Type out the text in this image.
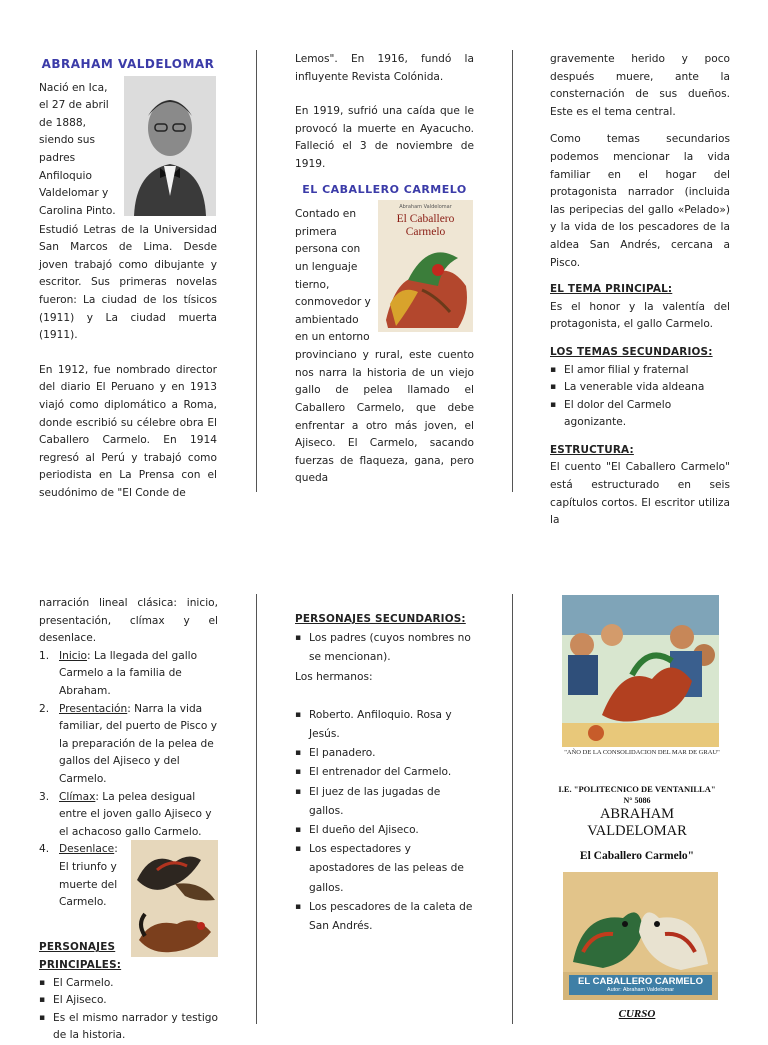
ABRAHAM VALDELOMAR
Nació en Ica,
el 27 de abril
de 1888,
siendo sus
padres
Anfiloquio
Valdelomar y
Carolina Pinto.

Estudió Letras de la Universidad San Marcos de Lima. Desde joven trabajó como dibujante y escritor. Sus primeras novelas fueron: La ciudad de los tísicos (1911) y La ciudad muerta (1911).

En 1912, fue nombrado director del diario El Peruano y en 1913 viajó como diplomático a Roma, donde escribió su célebre obra El Caballero Carmelo. En 1914 regresó al Perú y trabajó como periodista en La Prensa con el seudónimo de "El Conde de

Lemos". En 1916, fundó la influyente Revista Colónida.

En 1919, sufrió una caída que le provocó la muerte en Ayacucho. Falleció el 3 de noviembre de 1919.

EL CABALLERO CARMELO
Contado en
primera
persona con
un lenguaje
tierno,
conmovedor y
ambientado
en un entorno
Abraham Valdelomar
El Caballero
Carmelo

provinciano y rural, este cuento nos narra la historia de un viejo gallo de pelea llamado el Caballero Carmelo, que debe enfrentar a otro más joven, el Ajiseco. El Carmelo, sacando fuerzas de flaqueza, gana, pero queda

gravemente herido y poco después muere, ante la consternación de sus dueños. Este es el tema central.

Como temas secundarios podemos mencionar la vida familiar en el hogar del protagonista narrador (incluida las peripecias del gallo «Pelado») y la vida de los pescadores de la aldea San Andrés, cercana a Pisco.

EL TEMA PRINCIPAL:

Es el honor y la valentía del protagonista, el gallo Carmelo.

LOS TEMAS SECUNDARIOS:
▪ El amor filial y fraternal
▪ La venerable vida aldeana
▪ El dolor del Carmelo agonizante.
ESTRUCTURA:

El cuento "El Caballero Carmelo" está estructurado en seis capítulos cortos. El escritor utiliza la

narración lineal clásica: inicio, presentación, clímax y el desenlace.

1. Inicio: La llegada del gallo Carmelo a la familia de Abraham.
2. Presentación: Narra la vida familiar, del puerto de Pisco y la preparación de la pelea de gallos del Ajiseco y del Carmelo.
3. Clímax: La pelea desigual entre el joven gallo Ajiseco y el achacoso gallo Carmelo.
4. Desenlace:
El triunfo y
muerte del
Carmelo.
PERSONAJES
PRINCIPALES:
▪ El Carmelo.
▪ El Ajiseco.
▪ Es el mismo narrador y testigo de la historia.
PERSONAJES SECUNDARIOS:
▪ Los padres (cuyos nombres no se mencionan).
Los hermanos:
▪ Roberto. Anfiloquio. Rosa y Jesús.
▪ El panadero.
▪ El entrenador del Carmelo.
▪ El juez de las jugadas de gallos.
▪ El dueño del Ajiseco.
▪ Los espectadores y apostadores de las peleas de gallos.
▪ Los pescadores de la caleta de San Andrés.
"AÑO DE LA CONSOLIDACION DEL MAR DE GRAU"
I.E. "POLITECNICO DE VENTANILLA"
N° 5086
ABRAHAM
VALDELOMAR
El Caballero Carmelo"
EL CABALLERO CARMELO
Autor: Abraham Valdelomar
CURSO
